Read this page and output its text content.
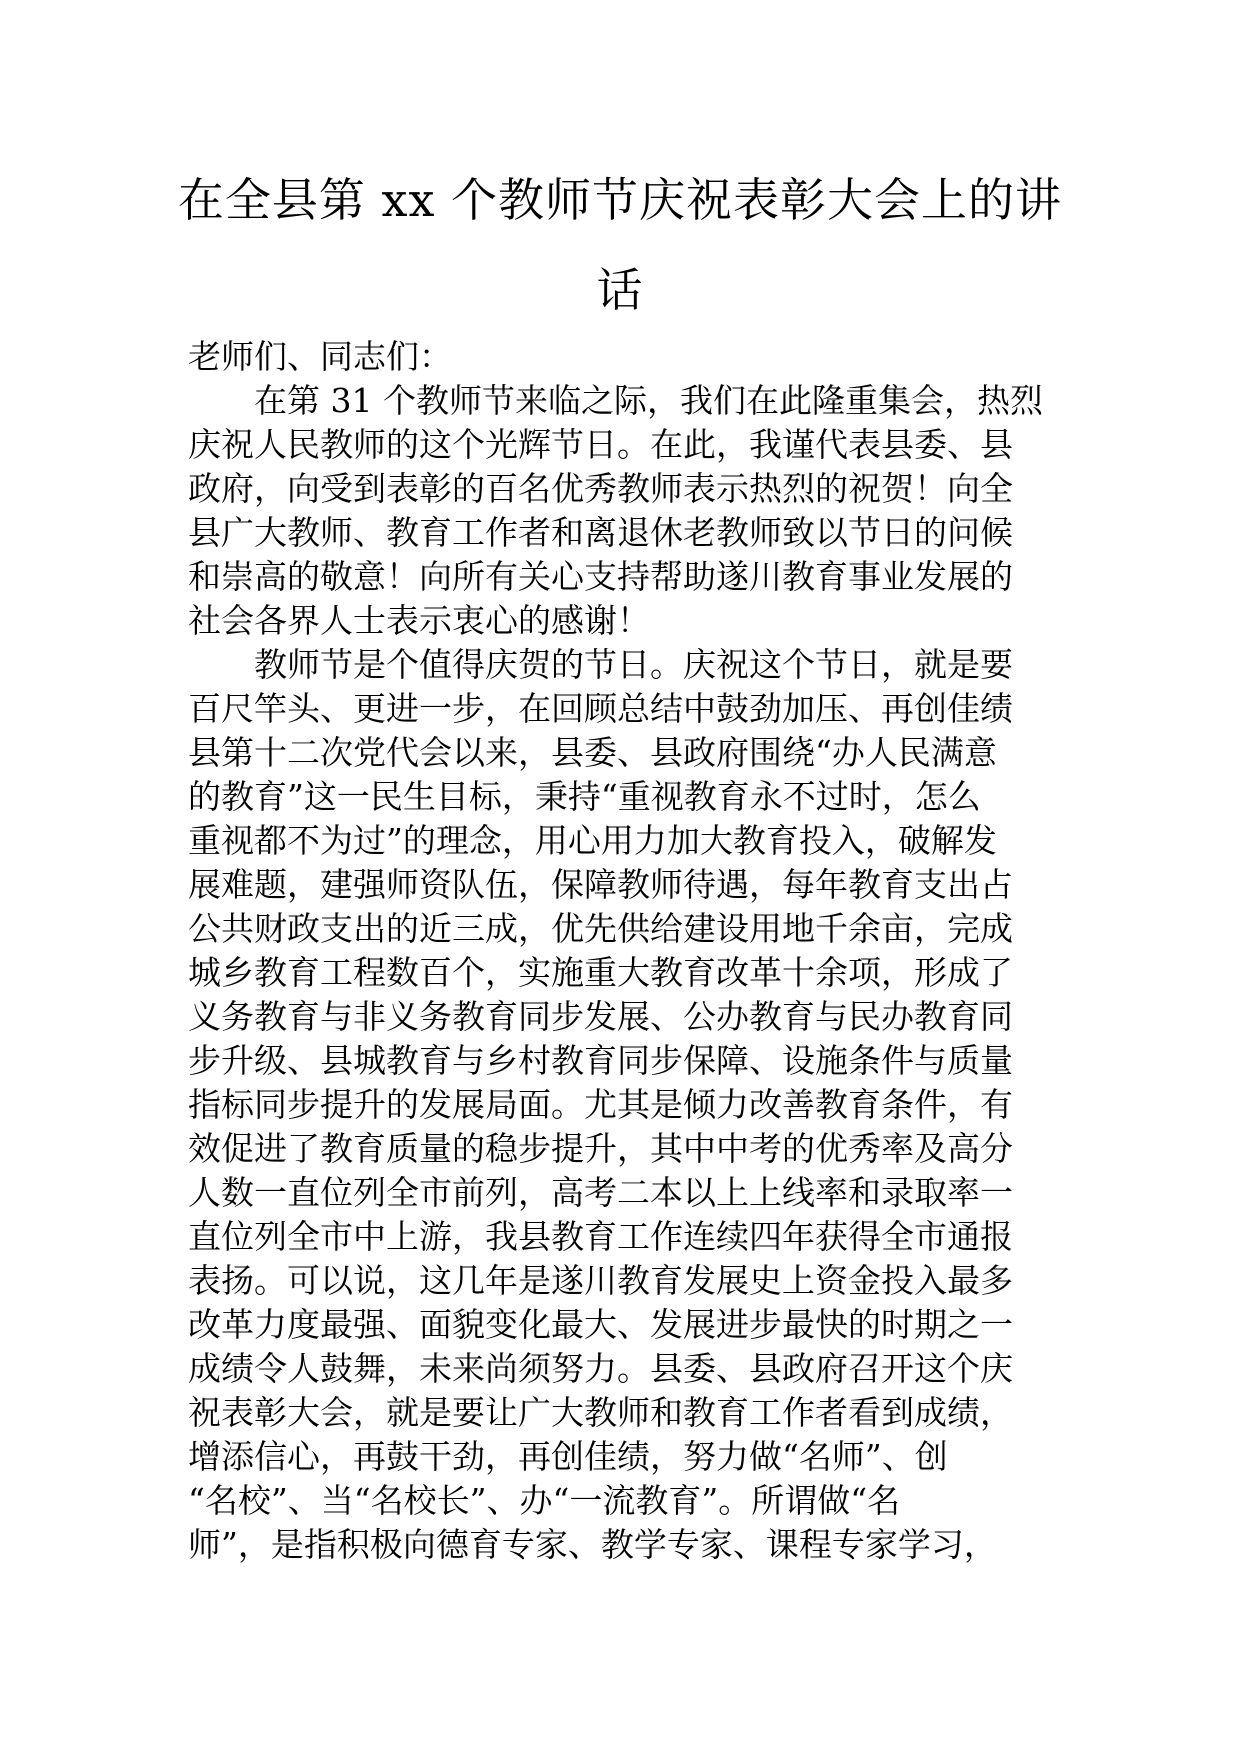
在全县第 xx 个教师节庆祝表彰大会上的讲
话
老师们、同志们：
在第 31 个教师节来临之际，我们在此隆重集会，热烈
庆祝人民教师的这个光辉节日。在此，我谨代表县委、县
政府，向受到表彰的百名优秀教师表示热烈的祝贺！向全
县广大教师、教育工作者和离退休老教师致以节日的问候
和崇高的敬意！向所有关心支持帮助遂川教育事业发展的
社会各界人士表示衷心的感谢！
教师节是个值得庆贺的节日。庆祝这个节日，就是要
百尺竿头、更进一步，在回顾总结中鼓劲加压、再创佳绩
县第十二次党代会以来，县委、县政府围绕“办人民满意
的教育”这一民生目标，秉持“重视教育永不过时，怎么
重视都不为过”的理念，用心用力加大教育投入，破解发
展难题，建强师资队伍，保障教师待遇，每年教育支出占
公共财政支出的近三成，优先供给建设用地千余亩，完成
城乡教育工程数百个，实施重大教育改革十余项，形成了
义务教育与非义务教育同步发展、公办教育与民办教育同
步升级、县城教育与乡村教育同步保障、设施条件与质量
指标同步提升的发展局面。尤其是倾力改善教育条件，有
效促进了教育质量的稳步提升，其中中考的优秀率及高分
人数一直位列全市前列，高考二本以上上线率和录取率一
直位列全市中上游，我县教育工作连续四年获得全市通报
表扬。可以说，这几年是遂川教育发展史上资金投入最多
改革力度最强、面貌变化最大、发展进步最快的时期之一
成绩令人鼓舞，未来尚须努力。县委、县政府召开这个庆
祝表彰大会，就是要让广大教师和教育工作者看到成绩，
增添信心，再鼓干劲，再创佳绩，努力做“名师”、创
“名校”、当“名校长”、办“一流教育”。所谓做“名
师”，是指积极向德育专家、教学专家、课程专家学习，
